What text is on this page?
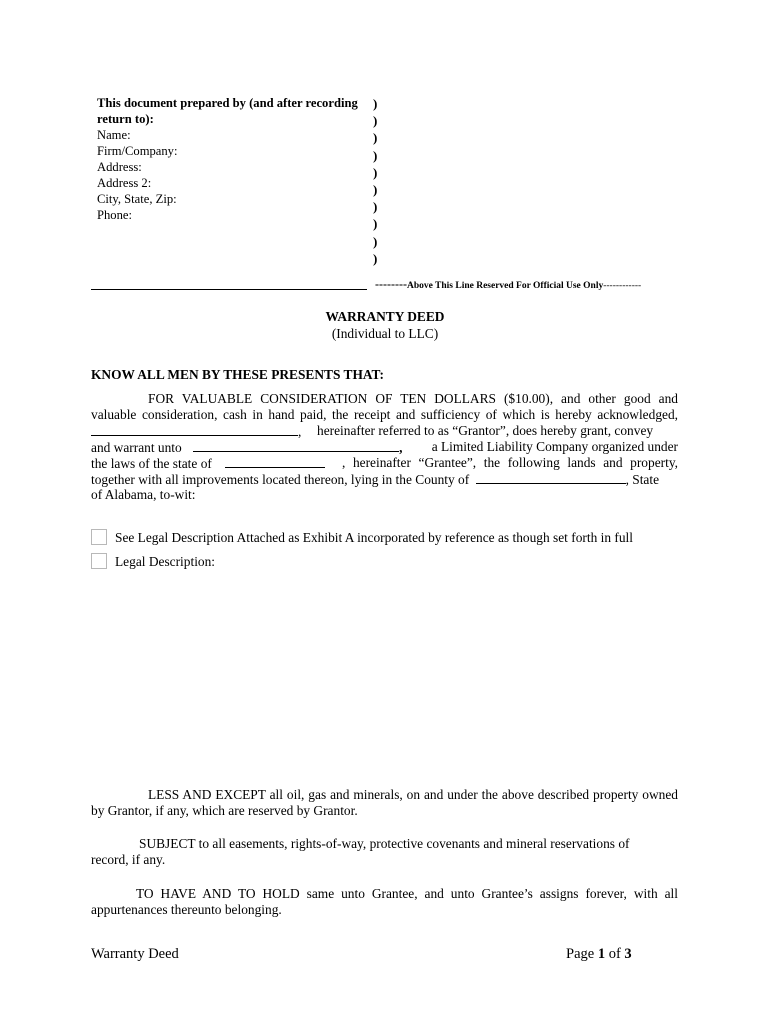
This document prepared by (and after recording
return to):
Name:
Firm/Company:
Address:
Address 2:
City, State, Zip:
Phone:
)
)
)
)
)
)
)
)
)
)
--------Above This Line Reserved For Official Use Only------------
WARRANTY DEED
(Individual to LLC)
KNOW ALL MEN BY THESE PRESENTS THAT:
FOR VALUABLE CONSIDERATION OF TEN DOLLARS ($10.00), and other good and
valuable consideration, cash in hand paid, the receipt and sufficiency of which is hereby acknowledged,
, hereinafter referred to as “Grantor”, does hereby grant, convey
and warrant unto	, a Limited Liability Company organized under
the laws of the state of	, hereinafter “Grantee”, the following lands and property,
together with all improvements located thereon, lying in the County of	, State
of Alabama, to-wit:
See Legal Description Attached as Exhibit A incorporated by reference as though set forth in full
Legal Description:
LESS AND EXCEPT all oil, gas and minerals, on and under the above described property owned
by Grantor, if any, which are reserved by Grantor.
SUBJECT to all easements, rights-of-way, protective covenants and mineral reservations of
record, if any.
TO HAVE AND TO HOLD same unto Grantee, and unto Grantee’s assigns forever, with all
appurtenances thereunto belonging.
Warranty Deed	Page 1 of 3
